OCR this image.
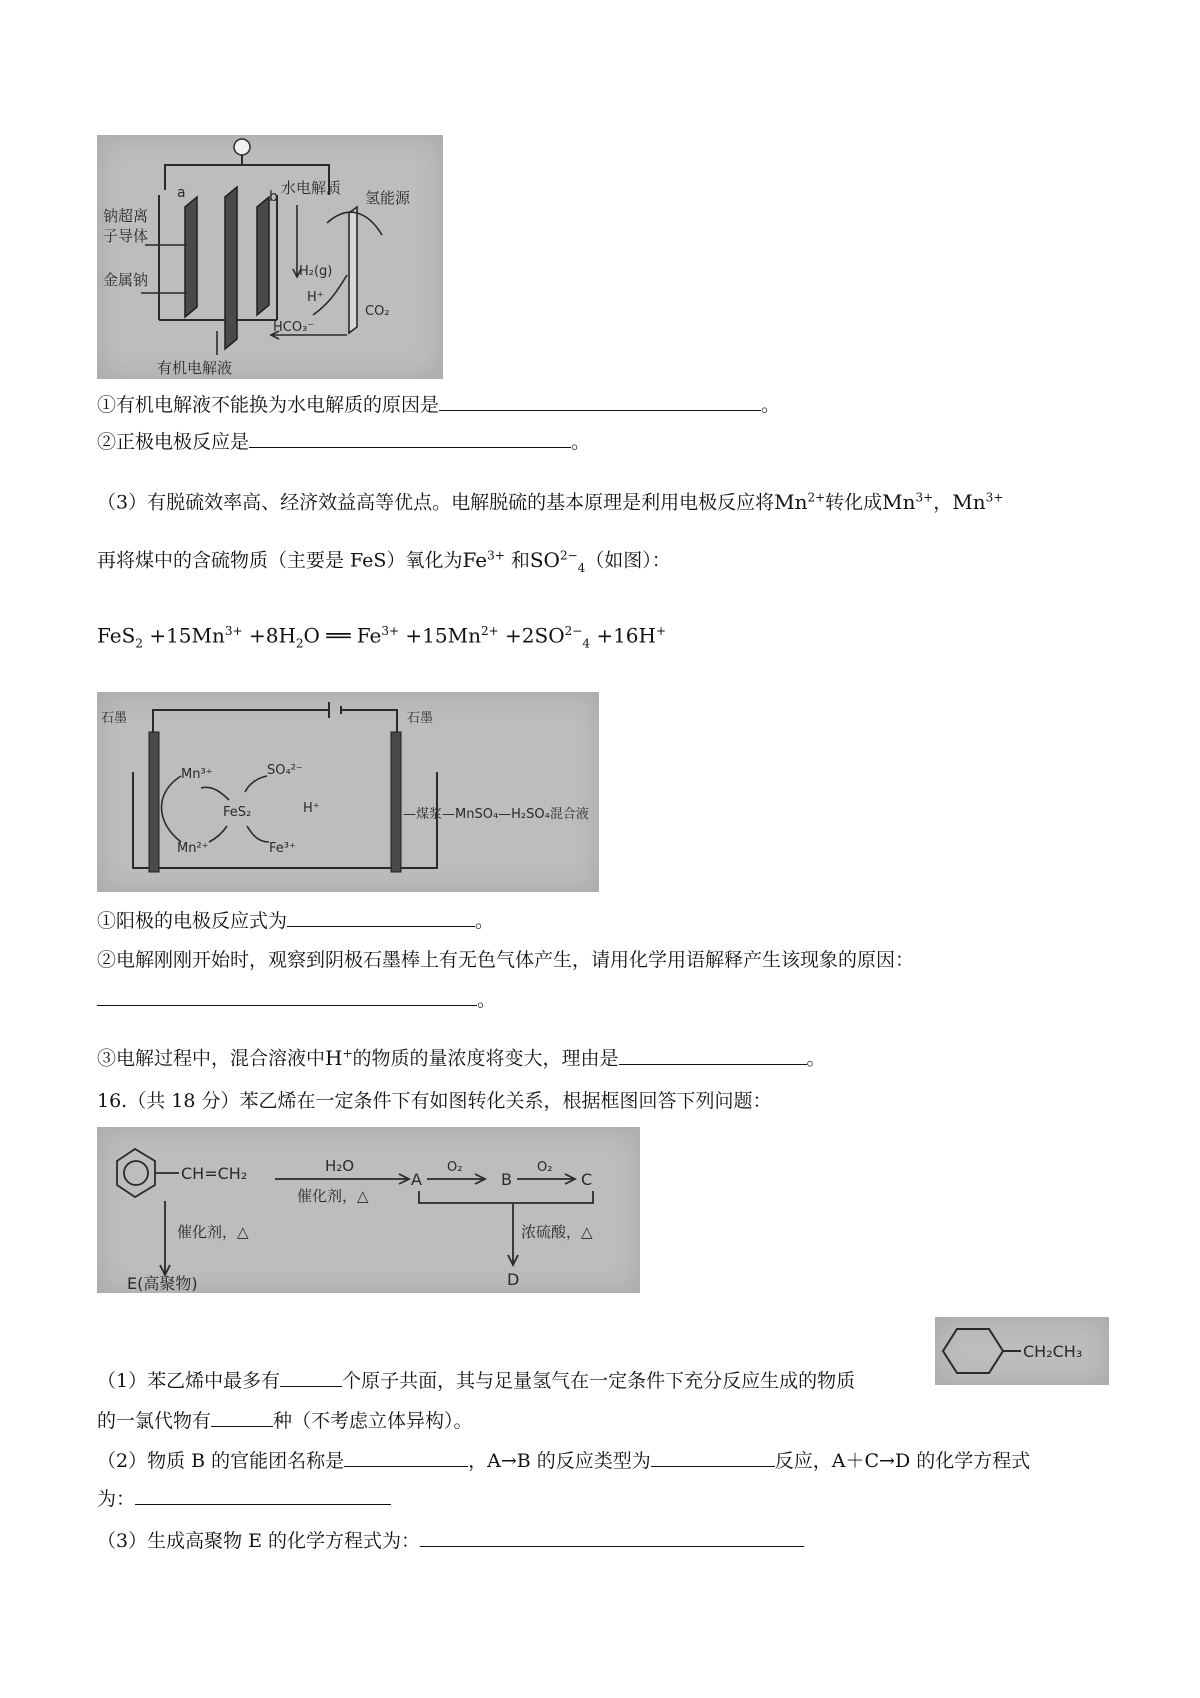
a	b 水电解质
氢能源
钠超离
子导体
金属钠	H₂(g)
H⁺
HCO₃⁻
CO₂
有机电解液
①有机电解液不能换为水电解质的原因是	。
②正极电极反应是	。
（3）有脱硫效率高、经济效益高等优点。电解脱硫的基本原理是利用电极反应将$Mn^{2+}$转化成$Mn^{3+}$，$Mn^{3+}$
再将煤中的含硫物质（主要是 FeS）氧化为$Fe^{3+}$ 和$SO^{2-}_4$（如图）：
$FeS_2 +15Mn^{3+} +8H_2O$ ══ $Fe^{3+} +15Mn^{2+} +2SO^{2-}_4 +16H^+$
石墨	石墨
Mn³⁺	SO₄²⁻
FeS₂	H⁺
Mn²⁺	Fe³⁺
—煤浆—MnSO₄—H₂SO₄混合液
①阳极的电极反应式为	。
②电解刚刚开始时，观察到阴极石墨棒上有无色气体产生，请用化学用语解释产生该现象的原因：
。
③电解过程中，混合溶液中H+的物质的量浓度将变大，理由是	。
16.（共 18 分）苯乙烯在一定条件下有如图转化关系，根据框图回答下列问题：
CH=CH₂	H₂O
催化剂，△
A
O₂
B
O₂
C
催化剂，△	浓硫酸，△
E(高聚物)	D
CH₂CH₃
（1）苯乙烯中最多有	个原子共面，其与足量氢气在一定条件下充分反应生成的物质
的一氯代物有	种（不考虑立体异构）。
（2）物质 B 的官能团名称是	，A→B 的反应类型为	反应，A＋C→D 的化学方程式
为：
（3）生成高聚物 E 的化学方程式为：
